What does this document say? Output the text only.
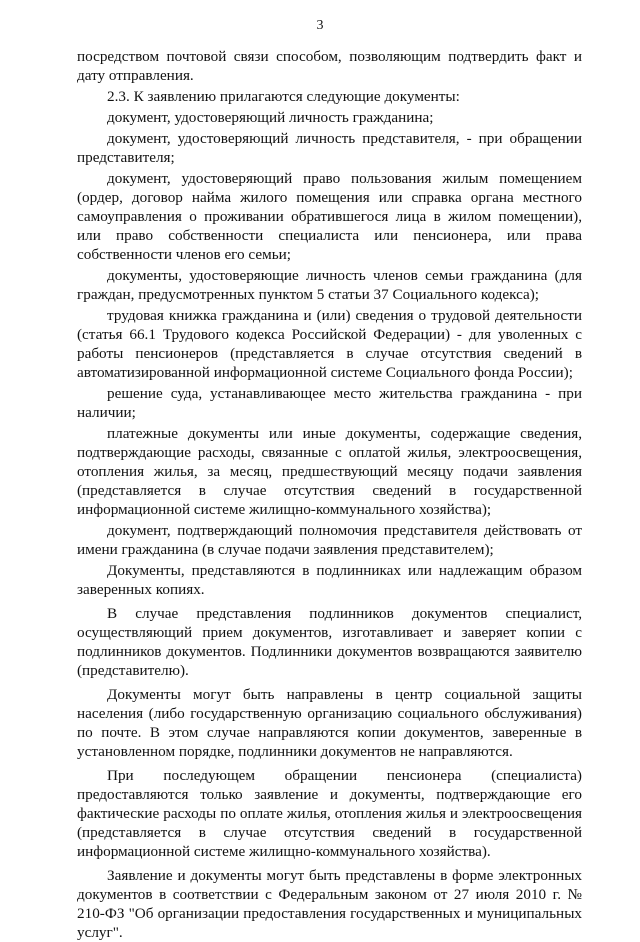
3

посредством почтовой связи способом, позволяющим подтвердить факт и дату отправления.

2.3. К заявлению прилагаются следующие документы:

документ, удостоверяющий личность гражданина;

документ, удостоверяющий личность представителя, - при обращении представителя;

документ, удостоверяющий право пользования жилым помещением (ордер, договор найма жилого помещения или справка органа местного самоуправления о проживании обратившегося лица в жилом помещении), или право собственности специалиста или пенсионера, или права собственности членов его семьи;

документы, удостоверяющие личность членов семьи гражданина (для граждан, предусмотренных пунктом 5 статьи 37 Социального кодекса);

трудовая книжка гражданина и (или) сведения о трудовой деятельности (статья 66.1 Трудового кодекса Российской Федерации) - для уволенных с работы пенсионеров (представляется в случае отсутствия сведений в автоматизированной информационной системе Социального фонда России);

решение суда, устанавливающее место жительства гражданина - при наличии;

платежные документы или иные документы, содержащие сведения, подтверждающие расходы, связанные с оплатой жилья, электроосвещения, отопления жилья, за месяц, предшествующий месяцу подачи заявления (представляется в случае отсутствия сведений в государственной информационной системе жилищно-коммунального хозяйства);

документ, подтверждающий полномочия представителя действовать от имени гражданина (в случае подачи заявления представителем);

Документы, представляются в подлинниках или надлежащим образом заверенных копиях.

В случае представления подлинников документов специалист, осуществляющий прием документов, изготавливает и заверяет копии с подлинников документов. Подлинники документов возвращаются заявителю (представителю).

Документы могут быть направлены в центр социальной защиты населения (либо государственную организацию социального обслуживания) по почте. В этом случае направляются копии документов, заверенные в установленном порядке, подлинники документов не направляются.

При последующем обращении пенсионера (специалиста) предоставляются только заявление и документы, подтверждающие его фактические расходы по оплате жилья, отопления жилья и электроосвещения (представляется в случае отсутствия сведений в государственной информационной системе жилищно-коммунального хозяйства).

Заявление и документы могут быть представлены в форме электронных документов в соответствии с Федеральным законом от 27 июля 2010 г. № 210-ФЗ "Об организации предоставления государственных и муниципальных услуг".
